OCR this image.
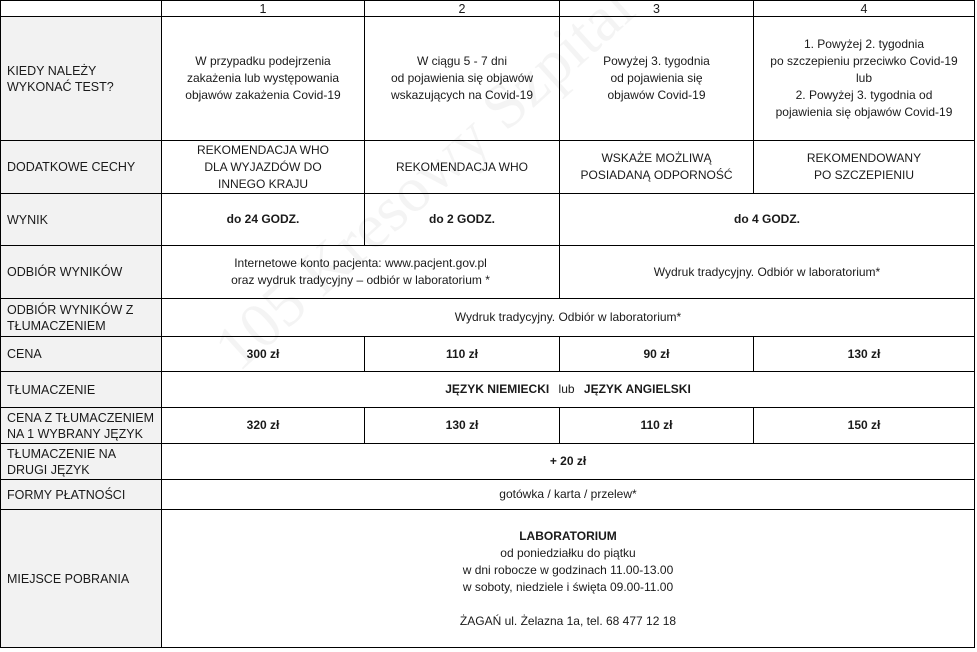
	1	2	3	4
KIEDY NALEŻY WYKONAĆ TEST?	W przypadku podejrzenia
zakażenia lub występowania
objawów zakażenia Covid-19	W ciągu 5 - 7 dni
od pojawienia się objawów
wskazujących na Covid-19	Powyżej 3. tygodnia
od pojawienia się
objawów Covid-19	1. Powyżej 2. tygodnia
po szczepieniu przeciwko Covid-19
lub
2. Powyżej 3. tygodnia od
pojawienia się objawów Covid-19

DODATKOWE CECHY	REKOMENDACJA WHO
DLA WYJAZDÓW DO
INNEGO KRAJU	REKOMENDACJA WHO	WSKAŻE MOŻLIWĄ
POSIADANĄ ODPORNOŚĆ	REKOMENDOWANY
PO SZCZEPIENIU

WYNIK	do 24 GODZ.	do 2 GODZ.	do 4 GODZ.	
ODBIÓR WYNIKÓW	Internetowe konto pacjenta: www.pacjent.gov.pl
oraz wydruk tradycyjny – odbiór w laboratorium *		Wydruk tradycyjny. Odbiór w laboratorium*	

ODBIÓR WYNIKÓW Z TŁUMACZENIEM	Wydruk tradycyjny. Odbiór w laboratorium*			
CENA	300 zł	110 zł	90 zł	130 zł
TŁUMACZENIE	JĘZYK NIEMIECKI lub JĘZYK ANGIELSKI			
CENA Z TŁUMACZENIEM NA 1 WYBRANY JĘZYK	320 zł	130 zł	110 zł	150 zł
TŁUMACZENIE NA DRUGI JĘZYK	+ 20 zł			
FORMY PŁATNOŚCI	gotówka / karta / przelew*			
MIEJSCE POBRANIA	LABORATORIUM
od poniedziałku do piątku
w dni robocze w godzinach 11.00-13.00
w soboty, niedziele i święta 09.00-11.00
ŻAGAŃ ul. Żelazna 1a, tel. 68 477 12 18			
